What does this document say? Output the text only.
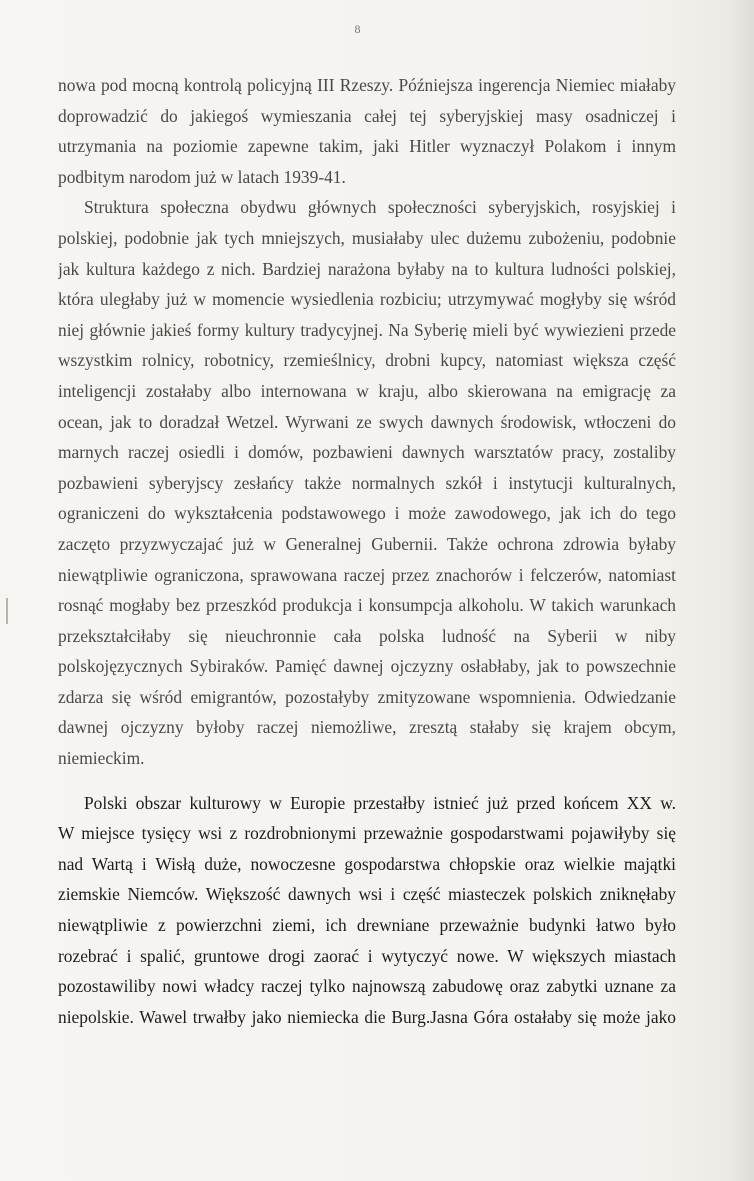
8
nowa pod mocną kontrolą policyjną III Rzeszy. Późniejsza ingerencja Niemiec miałaby
doprowadzić do jakiegoś wymieszania całej tej syberyjskiej masy osadniczej i
utrzymania na poziomie zapewne takim, jaki Hitler wyznaczył Polakom i innym
podbitym narodom już w latach 1939-41.
Struktura społeczna obydwu głównych społeczności syberyjskich, rosyjskiej i
polskiej, podobnie jak tych mniejszych, musiałaby ulec dużemu zubożeniu, podobnie
jak kultura każdego z nich. Bardziej narażona byłaby na to kultura ludności polskiej,
która uległaby już w momencie wysiedlenia rozbiciu; utrzymywać mogłyby się wśród
niej głównie jakieś formy kultury tradycyjnej. Na Syberię mieli być wywiezieni przede
wszystkim rolnicy, robotnicy, rzemieślnicy, drobni kupcy, natomiast większa część
inteligencji zostałaby albo internowana w kraju, albo skierowana na emigrację za
ocean, jak to doradzał Wetzel. Wyrwani ze swych dawnych środowisk, wtłoczeni do
marnych raczej osiedli i domów, pozbawieni dawnych warsztatów pracy, zostaliby
pozbawieni syberyjscy zesłańcy także normalnych szkół i instytucji kulturalnych,
ograniczeni do wykształcenia podstawowego i może zawodowego, jak ich do tego
zaczęto przyzwyczajać już w Generalnej Gubernii. Także ochrona zdrowia byłaby
niewątpliwie ograniczona, sprawowana raczej przez znachorów i felczerów, natomiast
rosnąć mogłaby bez przeszkód produkcja i konsumpcja alkoholu. W takich warunkach
przekształciłaby się nieuchronnie cała polska ludność na Syberii w niby
polskojęzycznych Sybiraków. Pamięć dawnej ojczyzny osłabłaby, jak to powszechnie
zdarza się wśród emigrantów, pozostałyby zmityzowane wspomnienia. Odwiedzanie
dawnej ojczyzny byłoby raczej niemożliwe, zresztą stałaby się krajem obcym,
niemieckim.
Polski obszar kulturowy w Europie przestałby istnieć już przed końcem XX w.
W miejsce tysięcy wsi z rozdrobnionymi przeważnie gospodarstwami pojawiłyby się
nad Wartą i Wisłą duże, nowoczesne gospodarstwa chłopskie oraz wielkie majątki
ziemskie Niemców. Większość dawnych wsi i część miasteczek polskich zniknęłaby
niewątpliwie z powierzchni ziemi, ich drewniane przeważnie budynki łatwo było
rozebrać i spalić, gruntowe drogi zaorać i wytyczyć nowe. W większych miastach
pozostawiliby nowi władcy raczej tylko najnowszą zabudowę oraz zabytki uznane za
niepolskie. Wawel trwałby jako niemiecka die Burg.Jasna Góra ostałaby się może jako
